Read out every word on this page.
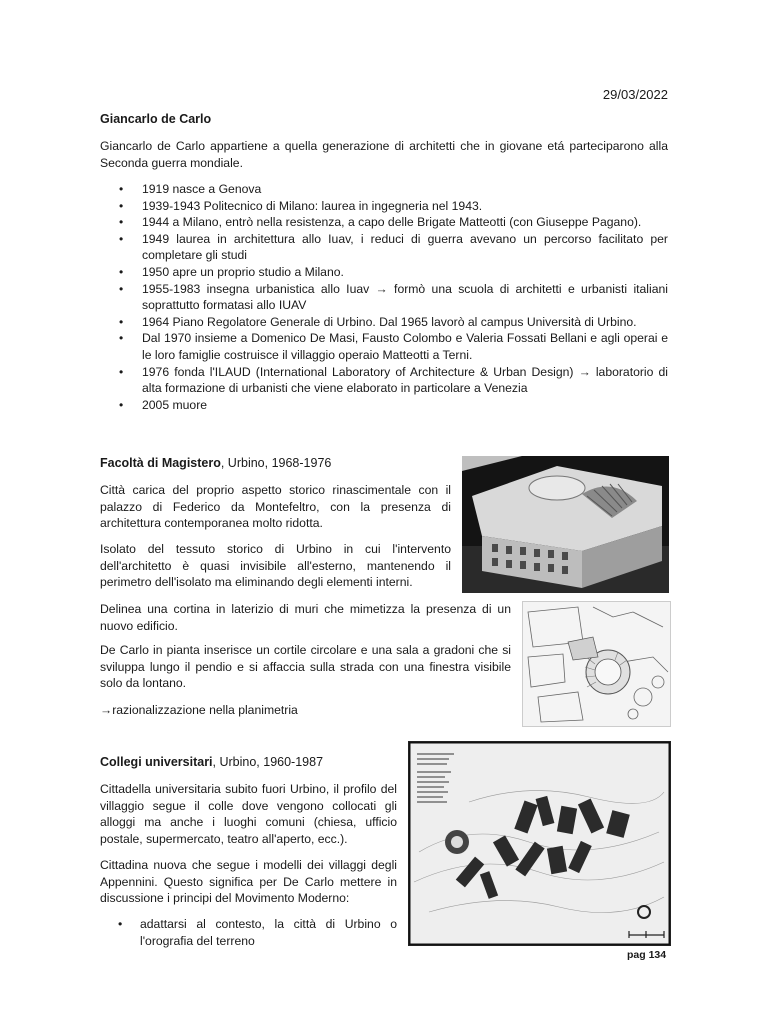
29/03/2022
Giancarlo de Carlo
Giancarlo de Carlo appartiene a quella generazione di architetti che in giovane etá parteciparono alla Seconda guerra mondiale.
• 1919 nasce a Genova
• 1939-1943 Politecnico di Milano: laurea in ingegneria nel 1943.
• 1944 a Milano, entrò nella resistenza, a capo delle Brigate Matteotti (con Giuseppe Pagano).
• 1949 laurea in architettura allo Iuav, i reduci di guerra avevano un percorso facilitato per completare gli studi
• 1950 apre un proprio studio a Milano.
• 1955-1983 insegna urbanistica allo Iuav → formò una scuola di architetti e urbanisti italiani soprattutto formatasi allo IUAV
• 1964 Piano Regolatore Generale di Urbino. Dal 1965 lavorò al campus Università di Urbino.
• Dal 1970 insieme a Domenico De Masi, Fausto Colombo e Valeria Fossati Bellani e agli operai e le loro famiglie costruisce il villaggio operaio Matteotti a Terni.
• 1976 fonda l'ILAUD (International Laboratory of Architecture & Urban Design) → laboratorio di alta formazione di urbanisti che viene elaborato in particolare a Venezia
• 2005 muore
Facoltà di Magistero, Urbino, 1968-1976
Città carica del proprio aspetto storico rinascimentale con il palazzo di Federico da Montefeltro, con la presenza di architettura contemporanea molto ridotta.
Isolato del tessuto storico di Urbino in cui l'intervento dell'architetto è quasi invisibile all'esterno, mantenendo il perimetro dell'isolato ma eliminando degli elementi interni.
Delinea una cortina in laterizio di muri che mimetizza la presenza di un nuovo edificio.
De Carlo in pianta inserisce un cortile circolare e una sala a gradoni che si sviluppa lungo il pendio e si affaccia sulla strada con una finestra visibile solo da lontano.
→razionalizzazione nella planimetria
Collegi universitari, Urbino, 1960-1987
Cittadella universitaria subito fuori Urbino, il profilo del villaggio segue il colle dove vengono collocati gli alloggi ma anche i luoghi comuni (chiesa, ufficio postale, supermercato, teatro all'aperto, ecc.).
Cittadina nuova che segue i modelli dei villaggi degli Appennini. Questo significa per De Carlo mettere in discussione i principi del Movimento Moderno:
• adattarsi al contesto, la città di Urbino o l'orografia del terreno
pag 134
